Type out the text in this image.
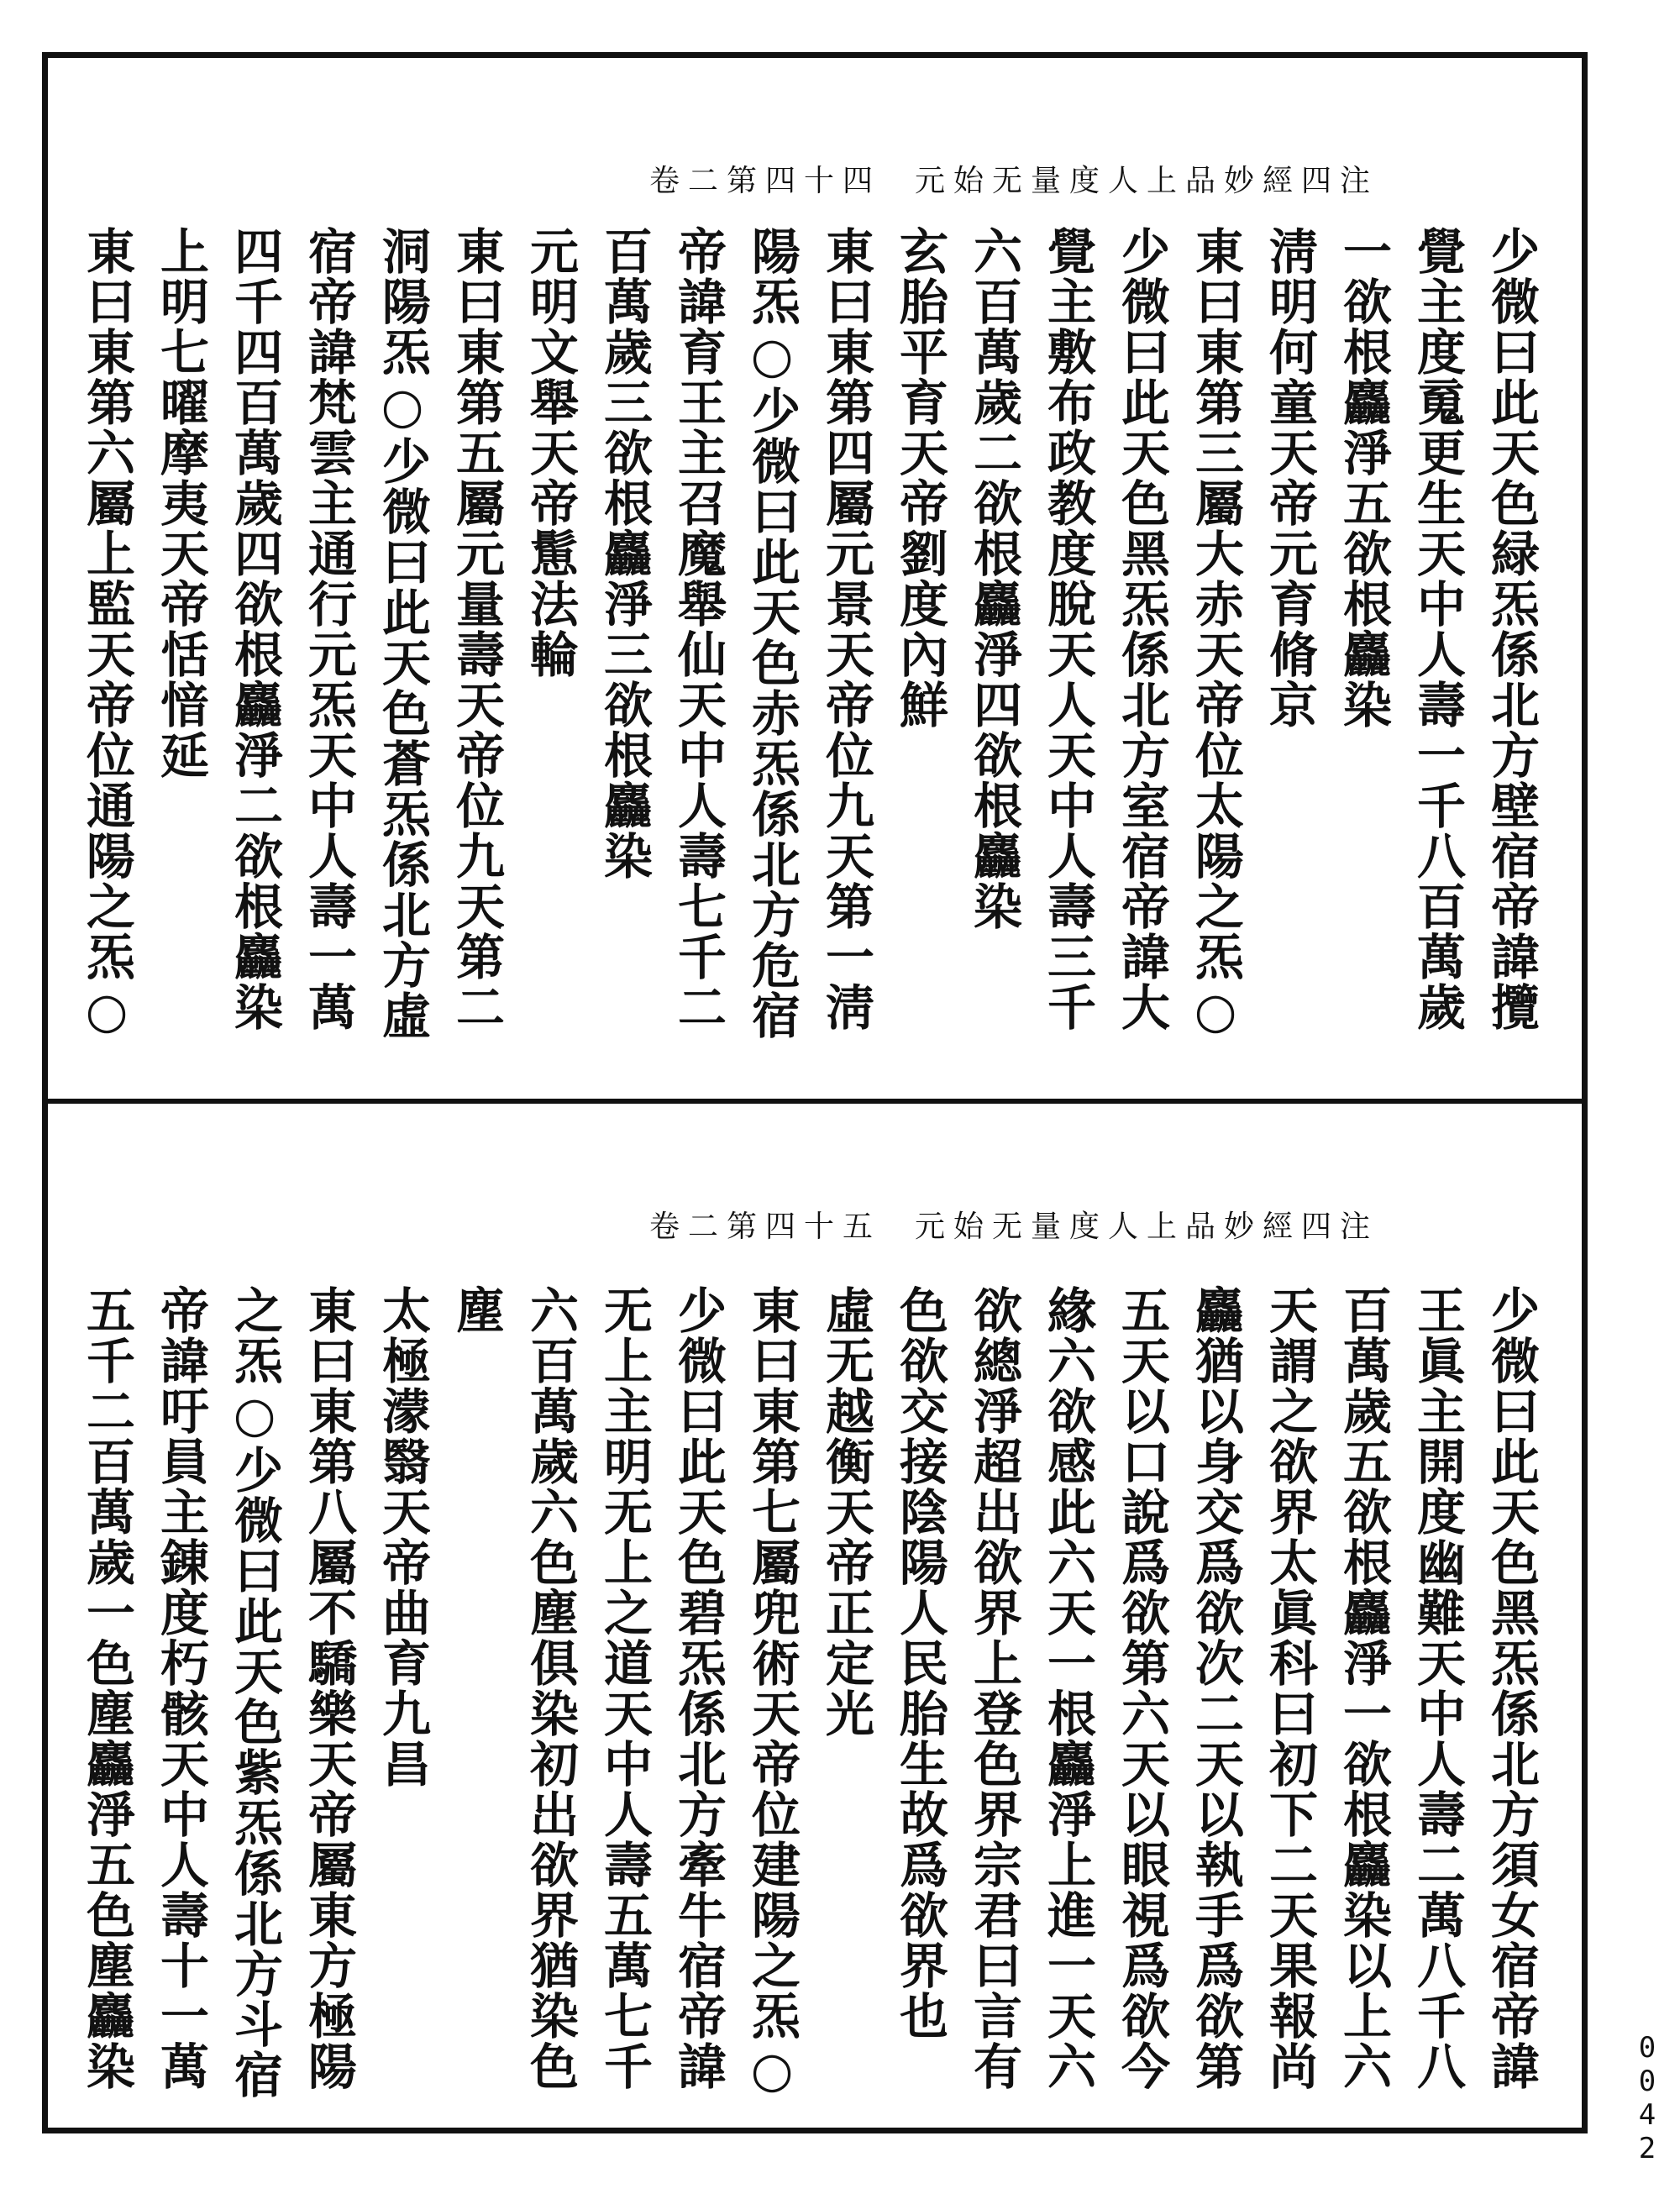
卷二第四十四 元始无量度人上品妙經四注
少微曰此天色緑炁係北方壁宿帝諱攬
覺主度䰟更生天中人壽一千八百萬歲
一欲根麤淨五欲根麤染
淸明何童天帝元育脩京
東曰東第三屬大赤天帝位太陽之炁○
少微曰此天色黑炁係北方室宿帝諱大
覺主敷布政教度脫天人天中人壽三千
六百萬歲二欲根麤淨四欲根麤染
玄胎平育天帝劉度內鮮
東曰東第四屬元景天帝位九天第一淸
陽炁○少微曰此天色赤炁係北方危宿
帝諱育王主召魔舉仙天中人壽七千二
百萬歲三欲根麤淨三欲根麤染
元明文舉天帝䰄法輪
東曰東第五屬元量壽天帝位九天第二
洞陽炁○少微曰此天色蒼炁係北方虛
宿帝諱梵雲主通行元炁天中人壽一萬
四千四百萬歲四欲根麤淨二欲根麤染
上明七曜摩夷天帝恬愔延
東曰東第六屬上監天帝位通陽之炁○
卷二第四十五 元始无量度人上品妙經四注
少微曰此天色黑炁係北方須女宿帝諱
王眞主開度幽難天中人壽二萬八千八
百萬歲五欲根麤淨一欲根麤染以上六
天謂之欲界太眞科曰初下二天果報尚
麤猶以身交爲欲次二天以執手爲欲第
五天以口說爲欲第六天以眼視爲欲今
緣六欲感此六天一根麤淨上進一天六
欲總淨超出欲界上登色界宗君曰言有
色欲交接陰陽人民胎生故爲欲界也
虛无越衡天帝正定光
東曰東第七屬兜術天帝位建陽之炁○
少微曰此天色碧炁係北方牽牛宿帝諱
无上主明无上之道天中人壽五萬七千
六百萬歲六色塵俱染初出欲界猶染色
塵
太極濛翳天帝曲育九昌
東曰東第八屬不驕樂天帝屬東方極陽
之炁○少微曰此天色紫炁係北方斗宿
帝諱吁員主錬度朽骸天中人壽十一萬
五千二百萬歲一色塵麤淨五色塵麤染
0042
